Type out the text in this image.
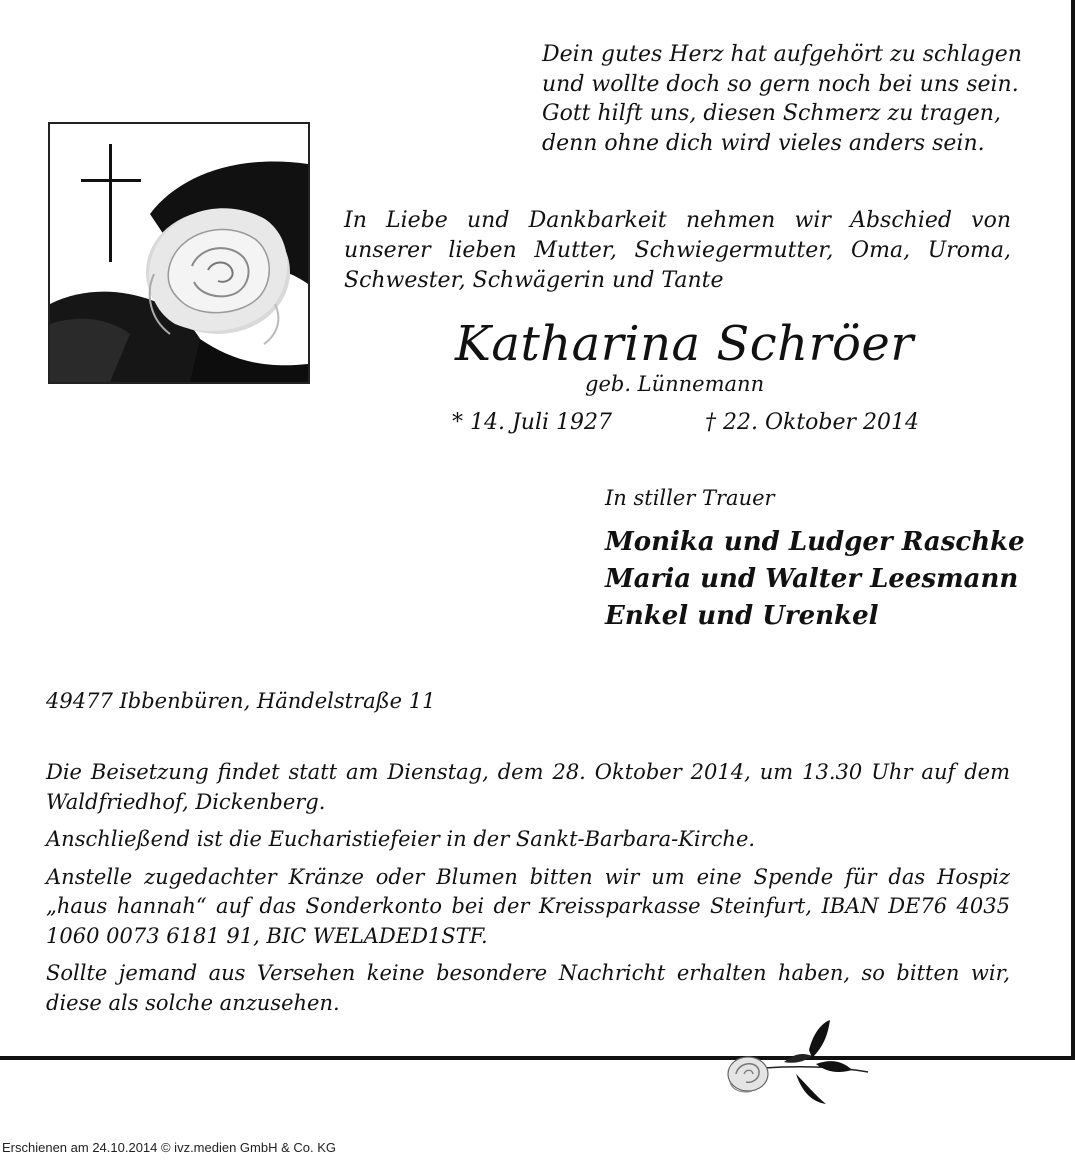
Dein gutes Herz hat aufgehört zu schlagen
und wollte doch so gern noch bei uns sein.
Gott hilft uns, diesen Schmerz zu tragen,
denn ohne dich wird vieles anders sein.
In Liebe und Dankbarkeit nehmen wir Abschied von unserer lieben Mutter, Schwiegermutter, Oma, Uroma, Schwester, Schwägerin und Tante
Katharina Schröer
geb. Lünnemann
* 14. Juli 1927	† 22. Oktober 2014
In stiller Trauer
Monika und Ludger Raschke
Maria und Walter Leesmann
Enkel und Urenkel
49477 Ibbenbüren, Händelstraße 11

Die Beisetzung findet statt am Dienstag, dem 28. Oktober 2014, um 13.30 Uhr auf dem Waldfriedhof, Dickenberg.

Anschließend ist die Eucharistiefeier in der Sankt-Barbara-Kirche.

Anstelle zugedachter Kränze oder Blumen bitten wir um eine Spende für das Hospiz „haus hannah“ auf das Sonderkonto bei der Kreissparkasse Steinfurt, IBAN DE76 4035 1060 0073 6181 91, BIC WELADED1STF.

Sollte jemand aus Versehen keine besondere Nachricht erhalten haben, so bitten wir, diese als solche anzusehen.

Erschienen am 24.10.2014 © ivz.medien GmbH & Co. KG
